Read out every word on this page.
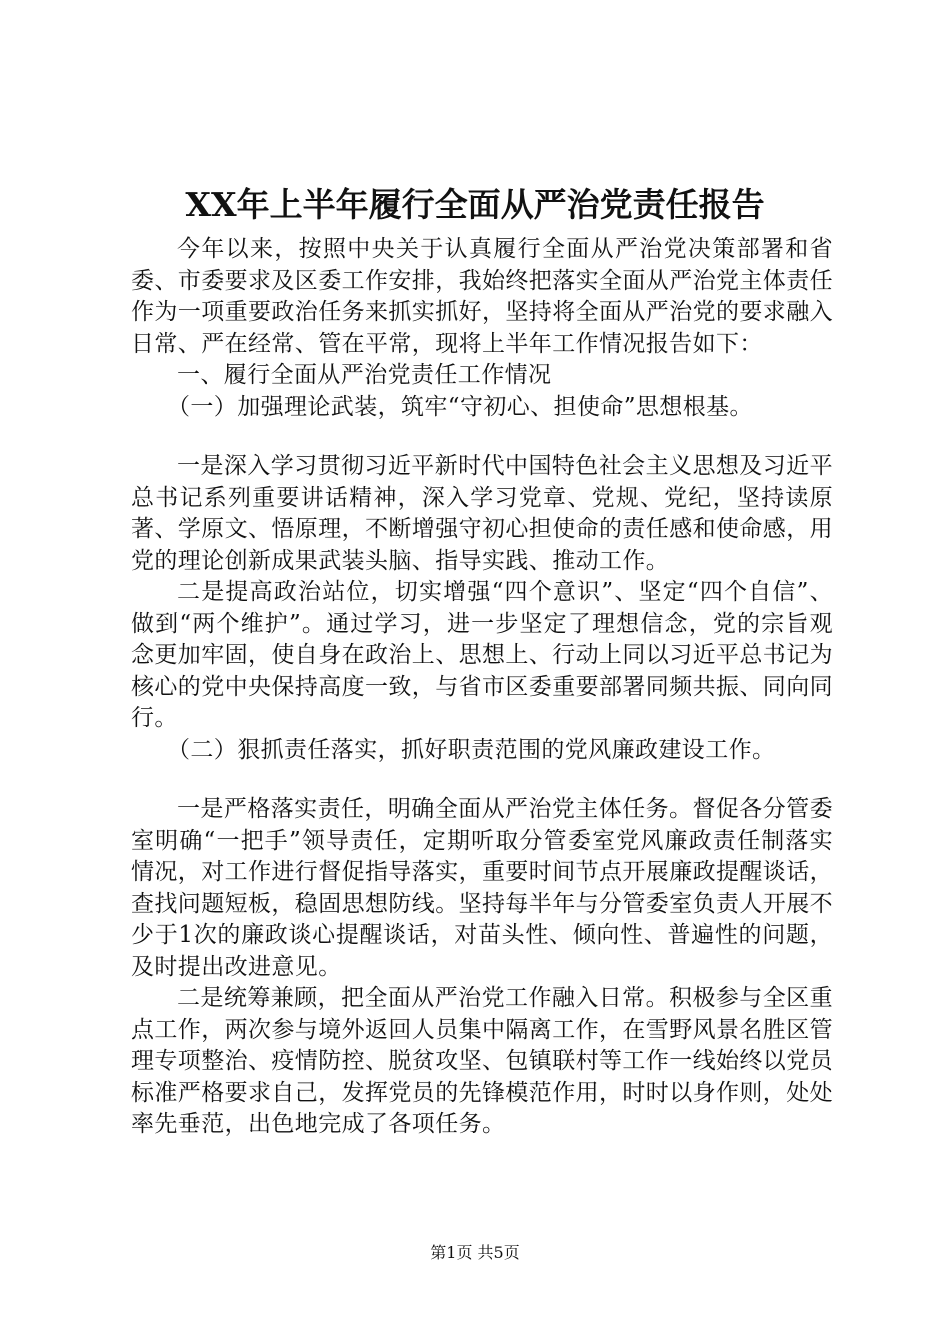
XX年上半年履行全面从严治党责任报告

今年以来，按照中央关于认真履行全面从严治党决策部署和省委、市委要求及区委工作安排，我始终把落实全面从严治党主体责任作为一项重要政治任务来抓实抓好，坚持将全面从严治党的要求融入日常、严在经常、管在平常，现将上半年工作情况报告如下：

一、履行全面从严治党责任工作情况

（一）加强理论武装，筑牢“守初心、担使命”思想根基。

一是深入学习贯彻习近平新时代中国特色社会主义思想及习近平总书记系列重要讲话精神，深入学习党章、党规、党纪，坚持读原著、学原文、悟原理，不断增强守初心担使命的责任感和使命感，用党的理论创新成果武装头脑、指导实践、推动工作。

二是提高政治站位，切实增强“四个意识”、坚定“四个自信”、做到“两个维护”。通过学习，进一步坚定了理想信念，党的宗旨观念更加牢固，使自身在政治上、思想上、行动上同以习近平总书记为核心的党中央保持高度一致，与省市区委重要部署同频共振、同向同行。

（二）狠抓责任落实，抓好职责范围的党风廉政建设工作。

一是严格落实责任，明确全面从严治党主体任务。督促各分管委室明确“一把手”领导责任，定期听取分管委室党风廉政责任制落实情况，对工作进行督促指导落实，重要时间节点开展廉政提醒谈话，查找问题短板，稳固思想防线。坚持每半年与分管委室负责人开展不少于1次的廉政谈心提醒谈话，对苗头性、倾向性、普遍性的问题，及时提出改进意见。

二是统筹兼顾，把全面从严治党工作融入日常。积极参与全区重点工作，两次参与境外返回人员集中隔离工作，在雪野风景名胜区管理专项整治、疫情防控、脱贫攻坚、包镇联村等工作一线始终以党员标准严格要求自己，发挥党员的先锋模范作用，时时以身作则，处处率先垂范，出色地完成了各项任务。

第1页 共5页
